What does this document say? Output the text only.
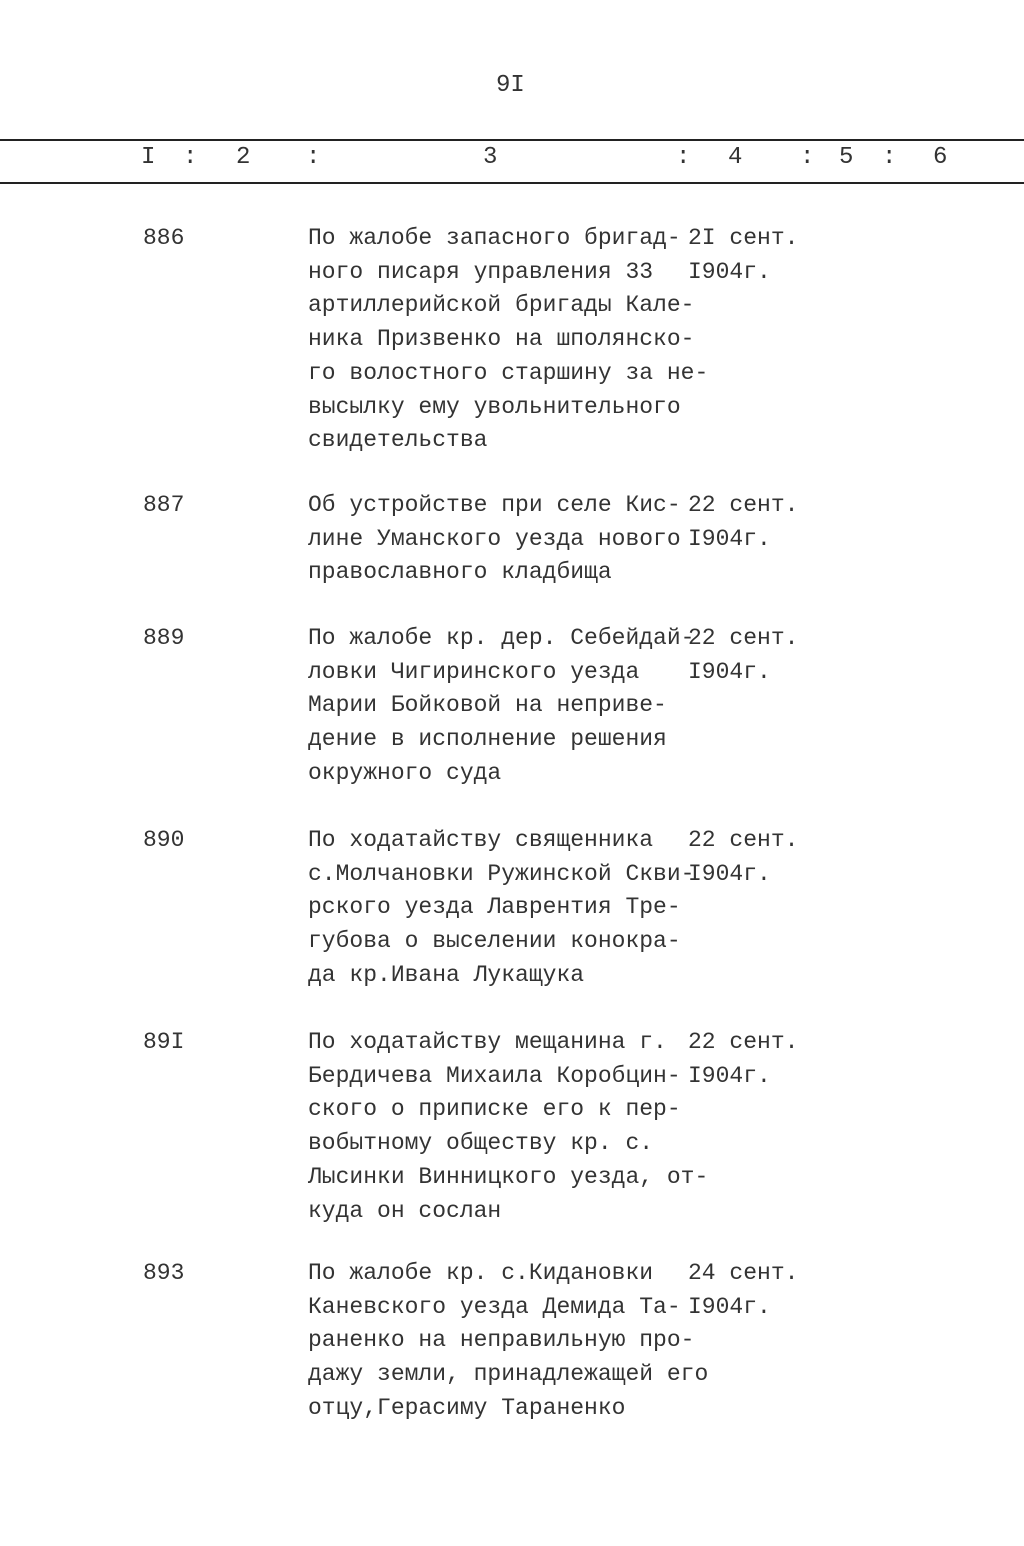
9I
I : 2 :	3	: 4 : 5 : 6
886	По жалобе запасного бригад-
ного писаря управления 33
артиллерийской бригады Кале-
ника Призвенко на шполянско-
го волостного старшину за не-
высылку ему увольнительного
свидетельства
2I сент.
I904г.
887	Об устройстве при селе Кис-
лине Уманского уезда нового
православного кладбища
22 сент.
I904г.
889	По жалобе кр. дер. Себейдай-
ловки Чигиринского уезда
Марии Бойковой на непривe-
дение в исполнение решения
окружного суда
22 сент.
I904г.
890	По ходатайству священника
с.Молчановки Ружинской Скви-
рского уезда Лаврентия Тре-
губова о выселении конокра-
да кр.Ивана Лукащука
22 сент.
I904г.
89I	По ходатайству мещанина г.
Бердичева Михаила Коробцин-
ского о приписке его к пер-
вобытному обществу кр. с.
Лысинки Винницкого уезда, от-
куда он сослан
22 сент.
I904г.
893	По жалобе кр. с.Кидановки
Каневского уезда Демида Та-
раненко на неправильную про-
дажу земли, принадлежащей его
отцу,Герасиму Тараненко
24 сент.
I904г.
